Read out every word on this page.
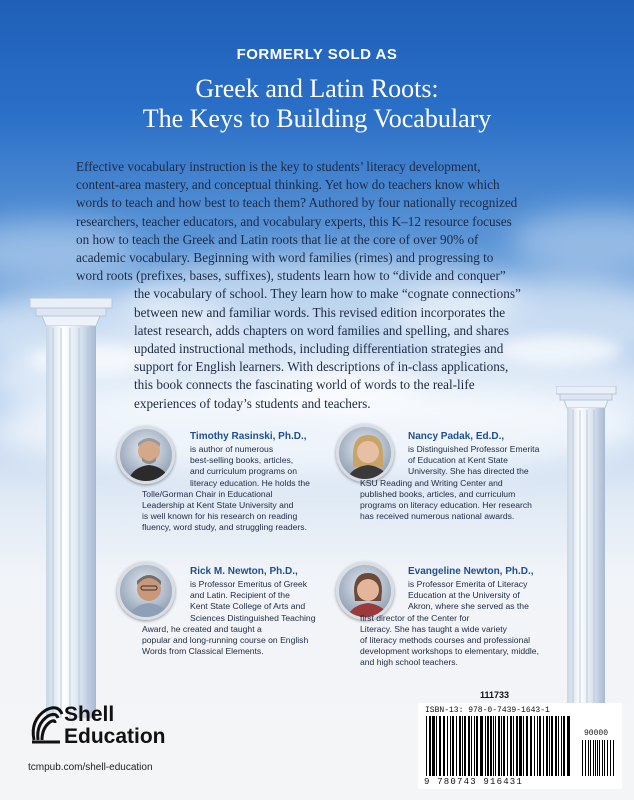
FORMERLY SOLD AS
Greek and Latin Roots:
The Keys to Building Vocabulary
Effective vocabulary instruction is the key to students’ literacy development,
content-area mastery, and conceptual thinking. Yet how do teachers know which
words to teach and how best to teach them? Authored by four nationally recognized
researchers, teacher educators, and vocabulary experts, this K–12 resource focuses
on how to teach the Greek and Latin roots that lie at the core of over 90% of
academic vocabulary. Beginning with word families (rimes) and progressing to
word roots (prefixes, bases, suffixes), students learn how to “divide and conquer”
the vocabulary of school. They learn how to make “cognate connections”
between new and familiar words. This revised edition incorporates the
latest research, adds chapters on word families and spelling, and shares
updated instructional methods, including differentiation strategies and
support for English learners. With descriptions of in-class applications,
this book connects the fascinating world of words to the real-life
experiences of today’s students and teachers.
Timothy Rasinski, Ph.D.,
is author of numerous
best-selling books, articles,
and curriculum programs on
literacy education. He holds the
Tolle/Gorman Chair in Educational
Leadership at Kent State University and
is well known for his research on reading
fluency, word study, and struggling readers.
Nancy Padak, Ed.D.,
is Distinguished Professor Emerita
of Education at Kent State
University. She has directed the
KSU Reading and Writing Center and
published books, articles, and curriculum
programs on literacy education. Her research
has received numerous national awards.
Rick M. Newton, Ph.D.,
is Professor Emeritus of Greek
and Latin. Recipient of the
Kent State College of Arts and
Sciences Distinguished Teaching
Award, he created and taught a
popular and long-running course on English
Words from Classical Elements.
Evangeline Newton, Ph.D.,
is Professor Emerita of Literacy
Education at the University of
Akron, where she served as the
first director of the Center for
Literacy. She has taught a wide variety
of literacy methods courses and professional
development workshops to elementary, middle,
and high school teachers.
Shell
Education
tcmpub.com/shell-education
111733
ISBN-13: 978-0-7439-1643-1
90000
9 780743 916431
